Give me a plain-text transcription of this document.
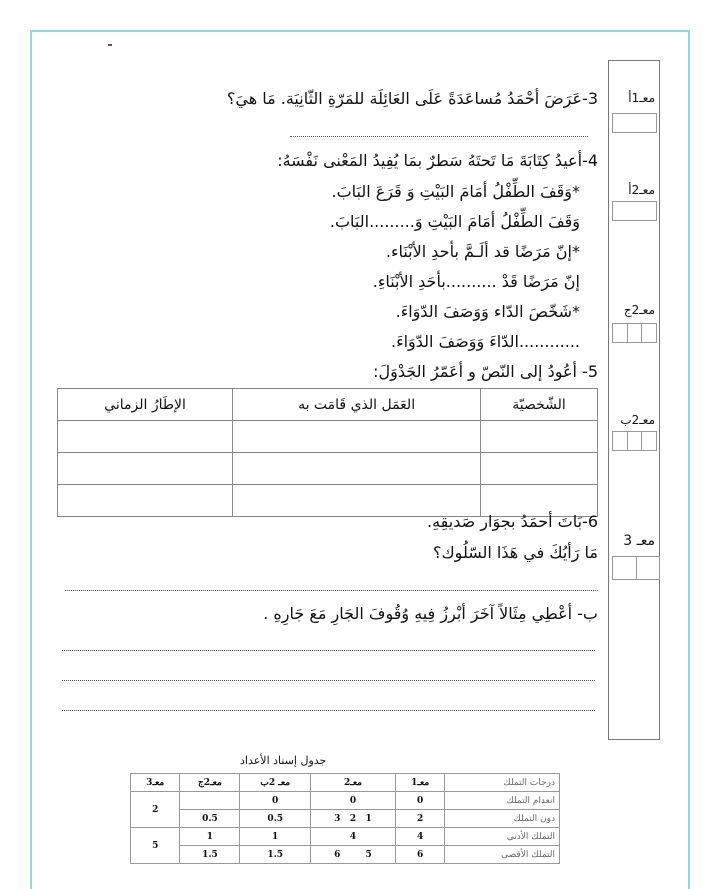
3-عَرَضَ أحْمَدُ مُساعَدَةً عَلَى العَائِلَة للمَرّةِ الثّانِيَة. مَا هيَ؟
4-أعيدُ كِتَابَةَ مَا تَحتَهُ سَطرٌ بمَا يُفِيدُ المَعْنى نَفْسَهُ:
*وَقَفَ الطِّفْلُ أمَامَ البَيْتِ وَ قَرَعَ البَابَ.
وَقَفَ الطِّفْلُ أمَامَ البَيْتِ وَ.........البَابَ.
*إنّ مَرَضًا قد ألَـمَّ بأحدِ الأبْنَاء.
إنّ مَرَضًا قَدْ ..........بأحَدِ الأبْنَاءِ.
*شَخّصَ الدّاء وَوَصَفَ الدّوَاءَ.
............الدّاءَ وَوَصَفَ الدّوَاءَ.
5- أعُودُ إلى النّصّ و أعَمّرُ الجَدْوَلَ:
الشّخصيّة	العَمَل الذي قَامَت به	الإطَارُ الزماني

6-بَاتَ أحمَدُ بجوَار صَديقِهِ.
مَا رَأيُكَ في هَذَا السّلُوك؟
ب- أعْطِي مِثَالاً آخَرَ أبْرزُ فِيهِ وُقُوفَ الجَارِ مَعَ جَارِهِ .
معـ1أ
معـ2أ
معـ2ج
معـ2ب
معـ 3
جدول إسناد الأعداد
درجات التملك	معـ1	معـ2	معـ 2ب	معـ2ج	معـ3
انعدام التملك	0	0	0		2
دون التملك	2	1   2   3	0.5	0.5	
التملك الأدنى	4	4	1	1	5
التملك الأقصى	6	5        6	1.5	1.5	
